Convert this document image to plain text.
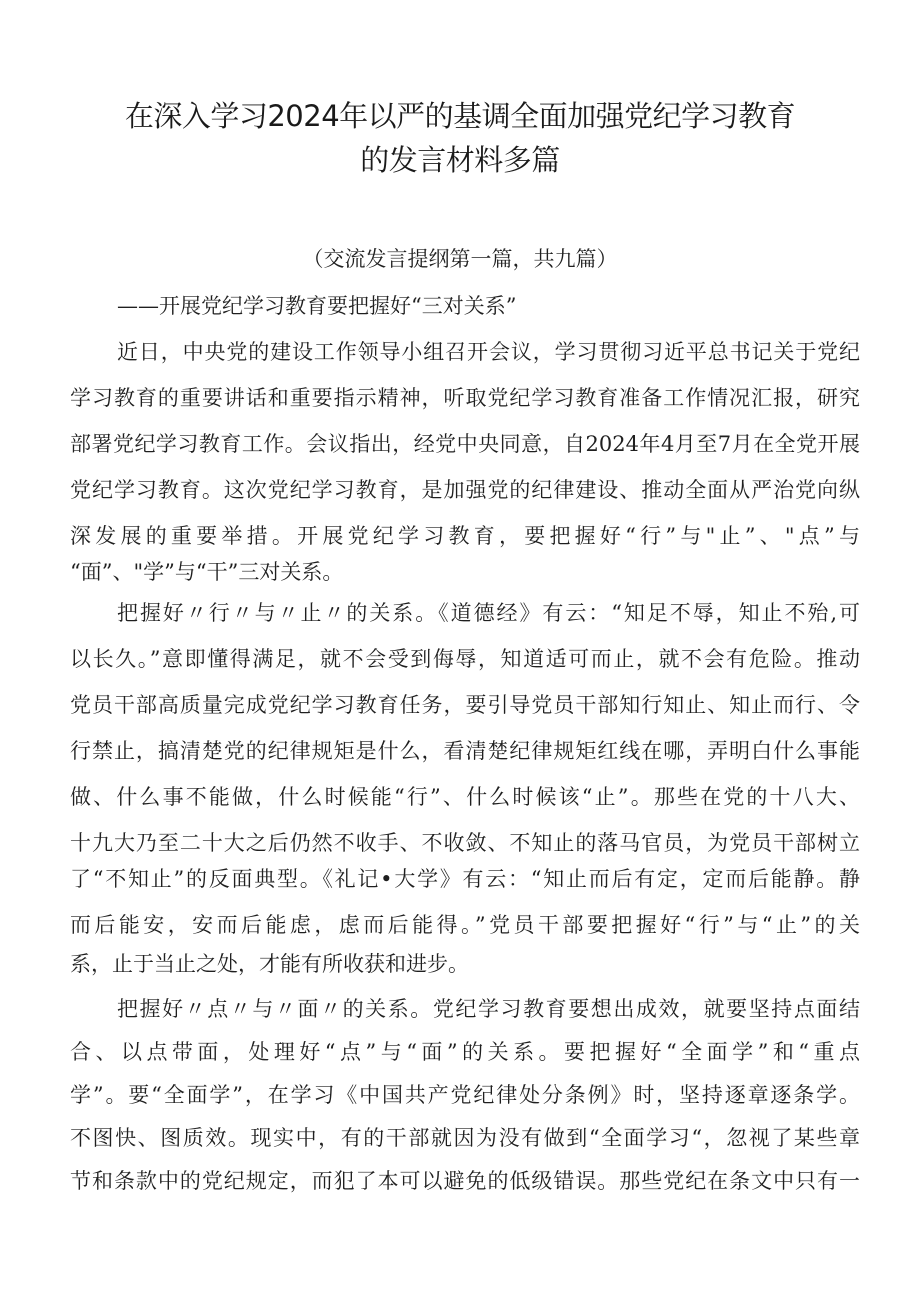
在深入学习2024年以严的基调全面加强党纪学习教育
的发言材料多篇
（交流发言提纲第一篇，共九篇）
——开展党纪学习教育要把握好“三对关系”
近日，中央党的建设工作领导小组召开会议，学习贯彻习近平总书记关于党纪
学习教育的重要讲话和重要指示精神，听取党纪学习教育准备工作情况汇报，研究
部署党纪学习教育工作。会议指出，经党中央同意，自2024年4月至7月在全党开展
党纪学习教育。这次党纪学习教育，是加强党的纪律建设、推动全面从严治党向纵
深发展的重要举措。开展党纪学习教育，要把握好“行”与"止”、"点”与
“面”、"学”与“干”三对关系。
把握好〃行〃与〃止〃的关系。《道德经》有云：“知足不辱，知止不殆,可
以长久。”意即懂得满足，就不会受到侮辱，知道适可而止，就不会有危险。推动
党员干部高质量完成党纪学习教育任务，要引导党员干部知行知止、知止而行、令
行禁止，搞清楚党的纪律规矩是什么，看清楚纪律规矩红线在哪，弄明白什么事能
做、什么事不能做，什么时候能“行”、什么时候该“止”。那些在党的十八大、
十九大乃至二十大之后仍然不收手、不收敛、不知止的落马官员，为党员干部树立
了“不知止”的反面典型。《礼记•大学》有云：“知止而后有定，定而后能静。静
而后能安，安而后能虑，虑而后能得。”党员干部要把握好“行”与“止”的关
系，止于当止之处，才能有所收获和进步。
把握好〃点〃与〃面〃的关系。党纪学习教育要想出成效，就要坚持点面结
合、以点带面，处理好“点”与“面”的关系。要把握好“全面学”和“重点
学”。要“全面学”，在学习《中国共产党纪律处分条例》时，坚持逐章逐条学。
不图快、图质效。现实中，有的干部就因为没有做到“全面学习“，忽视了某些章
节和条款中的党纪规定，而犯了本可以避免的低级错误。那些党纪在条文中只有一
